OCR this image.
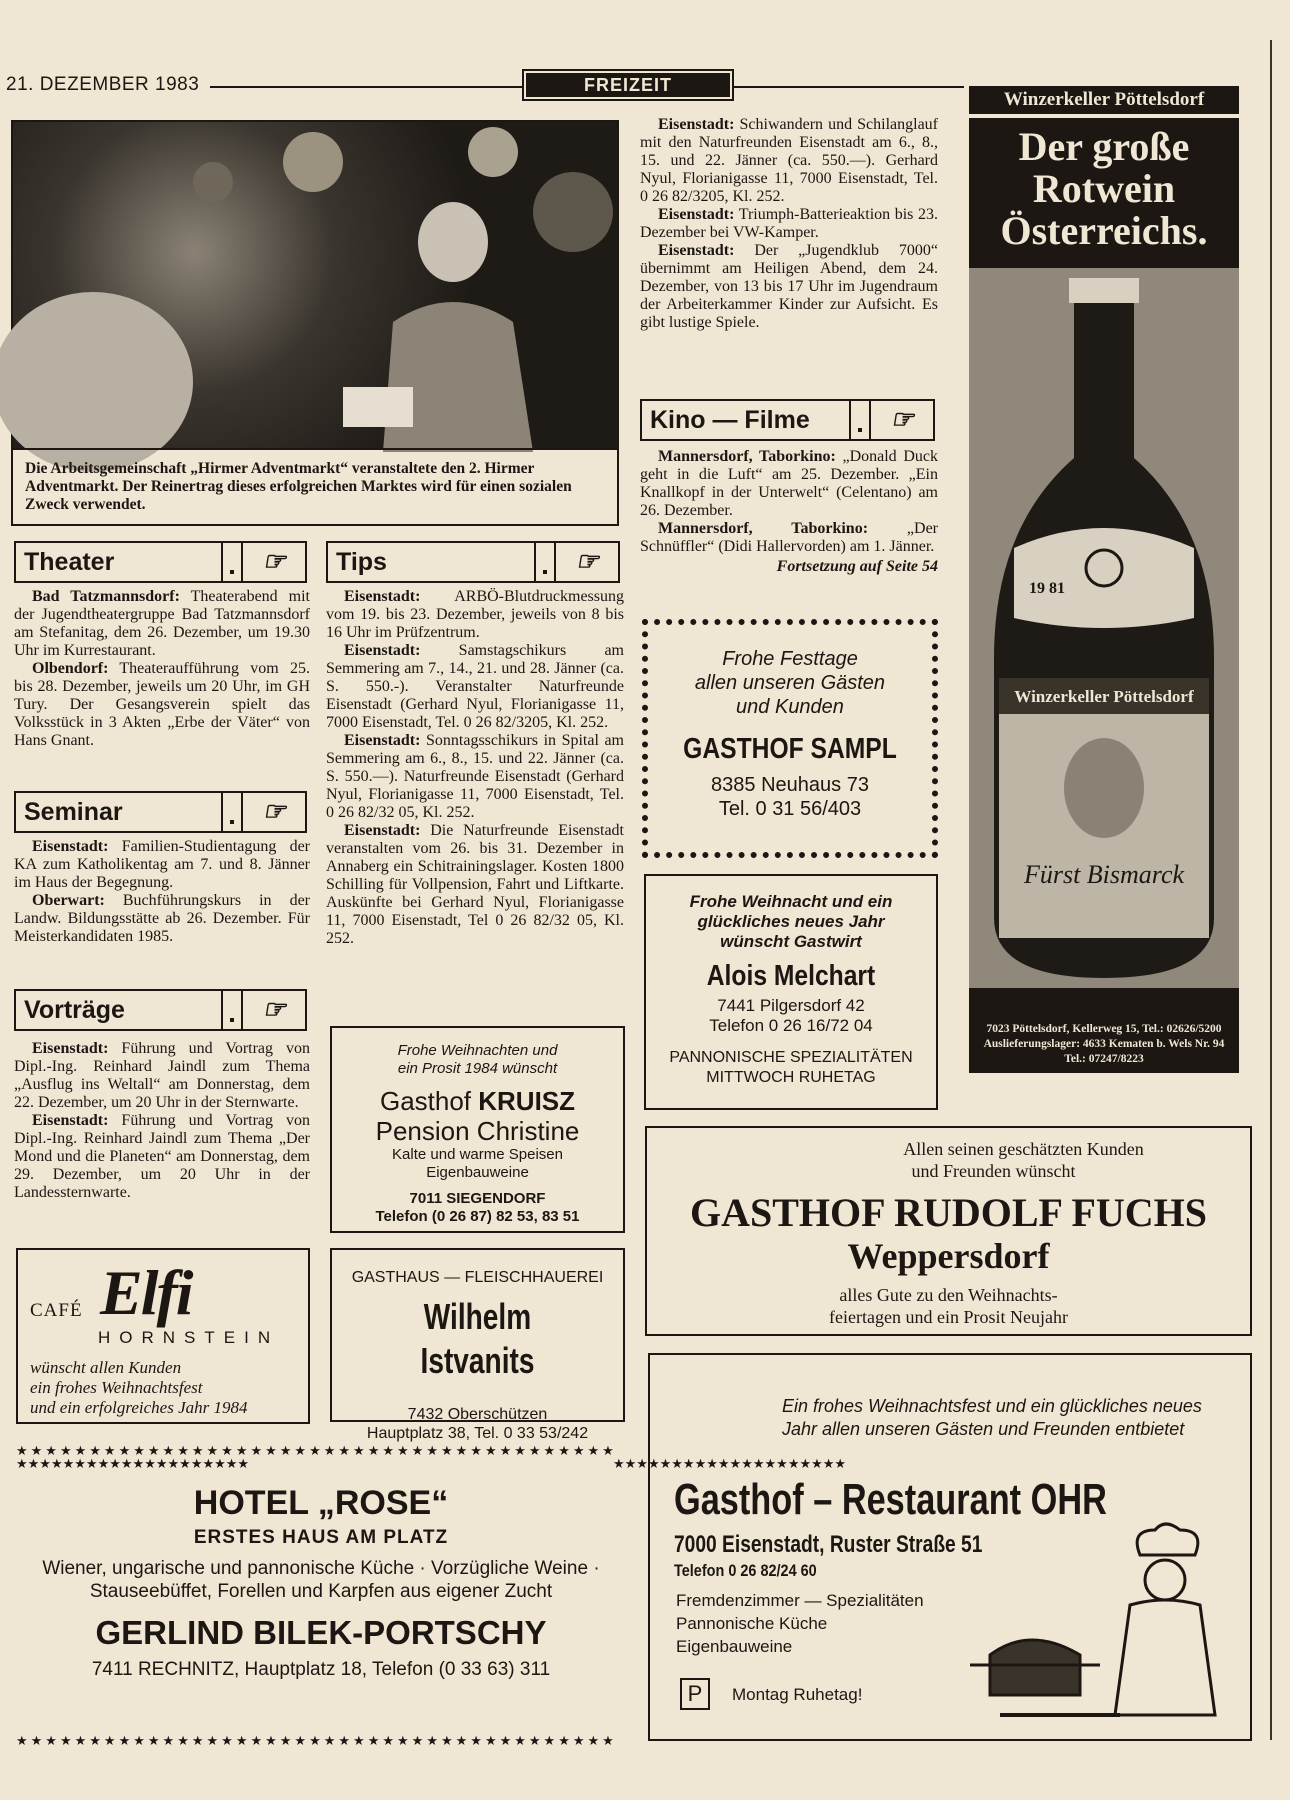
21. DEZEMBER 1983	FREIZEIT
Die Arbeitsgemeinschaft „Hirmer Adventmarkt“ veranstaltete den 2. Hirmer Adventmarkt. Der Reinertrag dieses erfolgreichen Marktes wird für einen sozialen Zweck verwendet.
Theater	☞

Bad Tatzmannsdorf: Theaterabend mit der Jugendtheatergruppe Bad Tatzmannsdorf am Stefanitag, dem 26. Dezember, um 19.30 Uhr im Kurrestaurant.

Olbendorf: Theateraufführung vom 25. bis 28. Dezember, jeweils um 20 Uhr, im GH Tury. Der Gesangsverein spielt das Volksstück in 3 Akten „Erbe der Väter“ von Hans Gnant.

Seminar	☞

Eisenstadt: Familien-Studientagung der KA zum Katholikentag am 7. und 8. Jänner im Haus der Begegnung.

Oberwart: Buchführungskurs in der Landw. Bildungsstätte ab 26. Dezember. Für Meisterkandidaten 1985.

Vorträge	☞

Eisenstadt: Führung und Vortrag von Dipl.-Ing. Reinhard Jaindl zum Thema „Ausflug ins Weltall“ am Donnerstag, dem 22. Dezember, um 20 Uhr in der Sternwarte.

Eisenstadt: Führung und Vortrag von Dipl.-Ing. Reinhard Jaindl zum Thema „Der Mond und die Planeten“ am Donnerstag, dem 29. Dezember, um 20 Uhr in der Landessternwarte.

Tips	☞

Eisenstadt: ARBÖ-Blutdruckmessung vom 19. bis 23. Dezember, jeweils von 8 bis 16 Uhr im Prüfzentrum.

Eisenstadt: Samstagschikurs am Semmering am 7., 14., 21. und 28. Jänner (ca. S. 550.-). Veranstalter Naturfreunde Eisenstadt (Gerhard Nyul, Florianigasse 11, 7000 Eisenstadt, Tel. 0 26 82/3205, Kl. 252.

Eisenstadt: Sonntagsschikurs in Spital am Semmering am 6., 8., 15. und 22. Jänner (ca. S. 550.—). Naturfreunde Eisenstadt (Gerhard Nyul, Florianigasse 11, 7000 Eisenstadt, Tel. 0 26 82/32 05, Kl. 252.

Eisenstadt: Die Naturfreunde Eisenstadt veranstalten vom 26. bis 31. Dezember in Annaberg ein Schitrainingslager. Kosten 1800 Schilling für Vollpension, Fahrt und Liftkarte. Auskünfte bei Gerhard Nyul, Florianigasse 11, 7000 Eisenstadt, Tel 0 26 82/32 05, Kl. 252.

Eisenstadt: Schiwandern und Schilanglauf mit den Naturfreunden Eisenstadt am 6., 8., 15. und 22. Jänner (ca. 550.—). Gerhard Nyul, Florianigasse 11, 7000 Eisenstadt, Tel. 0 26 82/3205, Kl. 252.

Eisenstadt: Triumph-Batterieaktion bis 23. Dezember bei VW-Kamper.

Eisenstadt: Der „Jugendklub 7000“ übernimmt am Heiligen Abend, dem 24. Dezember, von 13 bis 17 Uhr im Jugendraum der Arbeiterkammer Kinder zur Aufsicht. Es gibt lustige Spiele.

Kino — Filme	☞

Mannersdorf, Taborkino: „Donald Duck geht in die Luft“ am 25. Dezember. „Ein Knallkopf in der Unterwelt“ (Celentano) am 26. Dezember.

Mannersdorf, Taborkino: „Der Schnüffler“ (Didi Hallervorden) am 1. Jänner.

Fortsetzung auf Seite 54
Frohe Festtage
allen unseren Gästen
und Kunden
GASTHOF SAMPL
8385 Neuhaus 73
Tel. 0 31 56/403
Frohe Weihnacht und ein
glückliches neues Jahr
wünscht Gastwirt
Alois Melchart
7441 Pilgersdorf 42
Telefon 0 26 16/72 04
PANNONISCHE SPEZIALITÄTEN
MITTWOCH RUHETAG
Frohe Weihnachten und
ein Prosit 1984 wünscht
Gasthof KRUISZ
Pension Christine
Kalte und warme Speisen
Eigenbauweine
7011 SIEGENDORF
Telefon (0 26 87) 82 53, 83 51
GASTHAUS — FLEISCHHAUEREI
Wilhelm Istvanits
7432 Oberschützen
Hauptplatz 38, Tel. 0 33 53/242
CAFÉ Elfi
HORNSTEIN
wünscht allen Kunden
ein frohes Weihnachtsfest
und ein erfolgreiches Jahr 1984
★★★★★★★★★★★★★★★★★★★★★★★★★★★★★★★★★★★★★★★★★
★★★★★★★★★★★★★★★★★★★★★★★★★★★★★★★★★★★★★★★★★
★★★★★★★★★★★★★★★★★★★★	★★★★★★★★★★★★★★★★★★★★
HOTEL „ROSE“
ERSTES HAUS AM PLATZ
Wiener, ungarische und pannonische Küche · Vorzügliche Weine · Stauseebüffet, Forellen und Karpfen aus eigener Zucht
GERLIND BILEK-PORTSCHY
7411 RECHNITZ, Hauptplatz 18, Telefon (0 33 63) 311
Allen seinen geschätzten Kunden
und Freunden wünscht
GASTHOF RUDOLF FUCHS
Weppersdorf
alles Gute zu den Weihnachts-
feiertagen und ein Prosit Neujahr
Ein frohes Weihnachtsfest und ein glückliches neues Jahr allen unseren Gästen und Freunden entbietet
Gasthof – Restaurant OHR
7000 Eisenstadt, Ruster Straße 51
Telefon 0 26 82/24 60
Fremdenzimmer — Spezialitäten
Pannonische Küche
Eigenbauweine
P	Montag Ruhetag!
Winzerkeller Pöttelsdorf
Der große
Rotwein
Österreichs.
19 81
Winzerkeller Pöttelsdorf
Fürst Bismarck
7023 Pöttelsdorf, Kellerweg 15, Tel.: 02626/5200
Auslieferungslager: 4633 Kematen b. Wels Nr. 94
Tel.: 07247/8223
